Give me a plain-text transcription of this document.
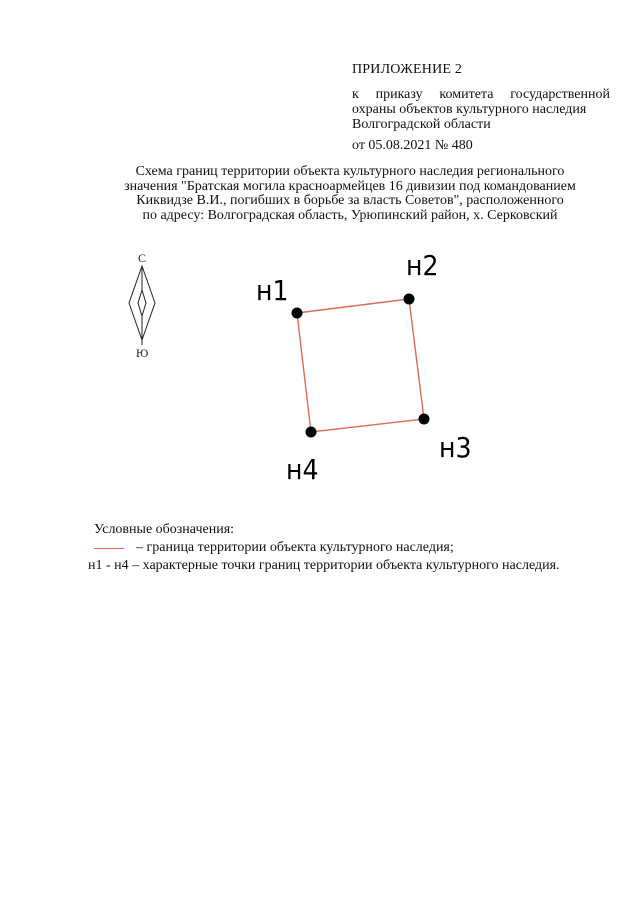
ПРИЛОЖЕНИЕ 2
к приказу комитета государственной
охраны объектов культурного наследия
Волгоградской области
от 05.08.2021 № 480
Схема границ территории объекта культурного наследия регионального
значения "Братская могила красноармейцев 16 дивизии под командованием
Киквидзе В.И., погибших в борьбе за власть Советов", расположенного
по адресу: Волгоградская область, Урюпинский район, х. Серковский
С
Ю
н1
н2
н3
н4
Условные обозначения:
– граница территории объекта культурного наследия;
н1 - н4 – характерные точки границ территории объекта культурного наследия.
